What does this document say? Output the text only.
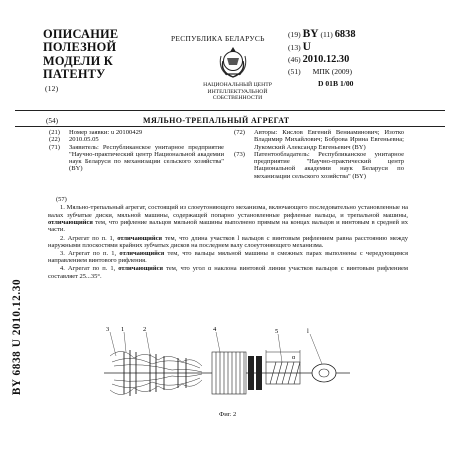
ОПИСАНИЕ
ПОЛЕЗНОЙ
МОДЕЛИ К
ПАТЕНТУ
(12)
РЕСПУБЛИКА БЕЛАРУСЬ
НАЦИОНАЛЬНЫЙ ЦЕНТР
ИНТЕЛЛЕКТУАЛЬНОЙ
СОБСТВЕННОСТИ
(19) BY (11) 6838
(13) U
(46) 2010.12.30
(51) МПК (2009)
D 01B 1/00
(54)	МЯЛЬНО-ТРЕПАЛЬНЫЙ АГРЕГАТ
(21)	Номер заявки: u 20100429
(22)	2010.05.05
(71)	Заявитель: Республиканское унитарное предприятие "Научно-практический центр Национальной академии наук Беларуси по механизации сельского хозяйства" (BY)
(72)	Авторы: Кислов Евгений Вениаминович; Изотко Владимир Михайлович; Боброва Ирина Евгеньевна; Лукомский Александр Евгеньевич (BY)
(73)	Патентообладатель: Республиканское унитарное предприятие "Научно-практический центр Национальной академии наук Беларуси по механизации сельского хозяйства" (BY)
(57)

1. Мяльно-трепальный агрегат, состоящий из слоеутоняющего механизма, включающего последовательно установленные на валах зубчатые диски, мяльной машины, содержащей попарно установленные рифленые вальцы, и трепальной машины, отличающийся тем, что рифление вальцов мяльной машины выполнено прямым на концах вальцов и винтовым в средней их части.

2. Агрегат по п. 1, отличающийся тем, что длина участков l вальцов с винтовым рифлением равна расстоянию между наружными плоскостями крайних зубчатых дисков на последнем валу слоеутоняющего механизма.

3. Агрегат по п. 1, отличающийся тем, что вальцы мяльной машины в смежных парах выполнены с чередующимся направлением винтового рифления.

4. Агрегат по п. 1, отличающийся тем, что угол α наклона винтовой линии участков вальцов с винтовым рифлением составляет 25...35°.

3 1	2	4	5	l
α
Фиг. 2
BY 6838 U 2010.12.30
